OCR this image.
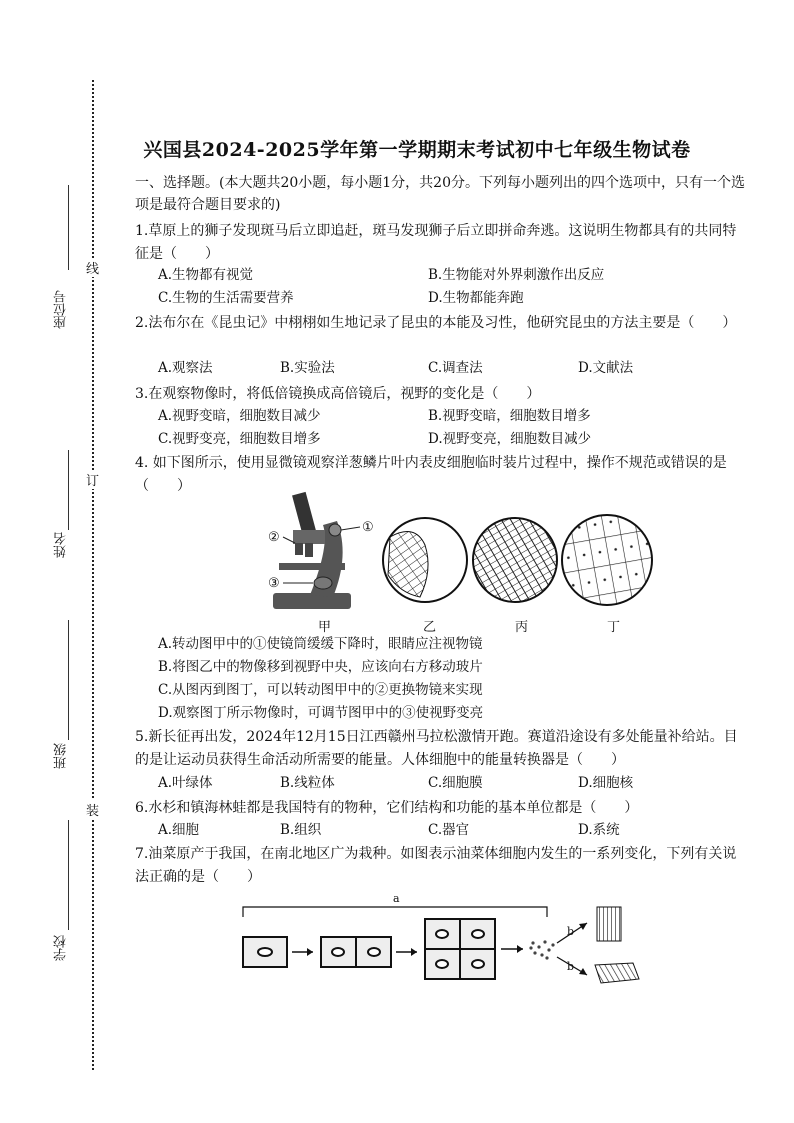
座位号
姓名
班级
学校
线
订
装
兴国县2024-2025学年第一学期期末考试初中七年级生物试卷
一、选择题。(本大题共20小题，每小题1分，共20分。下列每小题列出的四个选项中，只有一个选项是最符合题目要求的)
1.草原上的狮子发现斑马后立即追赶，斑马发现狮子后立即拼命奔逃。这说明生物都具有的共同特征是（　　）
A.生物都有视觉	B.生物能对外界刺激作出反应
C.生物的生活需要营养	D.生物都能奔跑
2.法布尔在《昆虫记》中栩栩如生地记录了昆虫的本能及习性，他研究昆虫的方法主要是（　　）
A.观察法	B.实验法	C.调查法	D.文献法
3.在观察物像时，将低倍镜换成高倍镜后，视野的变化是（　　）
A.视野变暗，细胞数目减少	B.视野变暗，细胞数目增多
C.视野变亮，细胞数目增多	D.视野变亮，细胞数目减少
4. 如下图所示，使用显微镜观察洋葱鳞片叶内表皮细胞临时装片过程中，操作不规范或错误的是（　　）
①
②
③
甲	乙	丙	丁
A.转动图甲中的①使镜筒缓缓下降时，眼睛应注视物镜
B.将图乙中的物像移到视野中央，应该向右方移动玻片
C.从图丙到图丁，可以转动图甲中的②更换物镜来实现
D.观察图丁所示物像时，可调节图甲中的③使视野变亮
5.新长征再出发，2024年12月15日江西赣州马拉松激情开跑。赛道沿途设有多处能量补给站。目的是让运动员获得生命活动所需要的能量。人体细胞中的能量转换器是（　　）
A.叶绿体	B.线粒体	C.细胞膜	D.细胞核
6.水杉和镇海林蛙都是我国特有的物种，它们结构和功能的基本单位都是（　　）
A.细胞	B.组织	C.器官	D.系统
7.油菜原产于我国，在南北地区广为栽种。如图表示油菜体细胞内发生的一系列变化，下列有关说法正确的是（　　）
a
b
b
